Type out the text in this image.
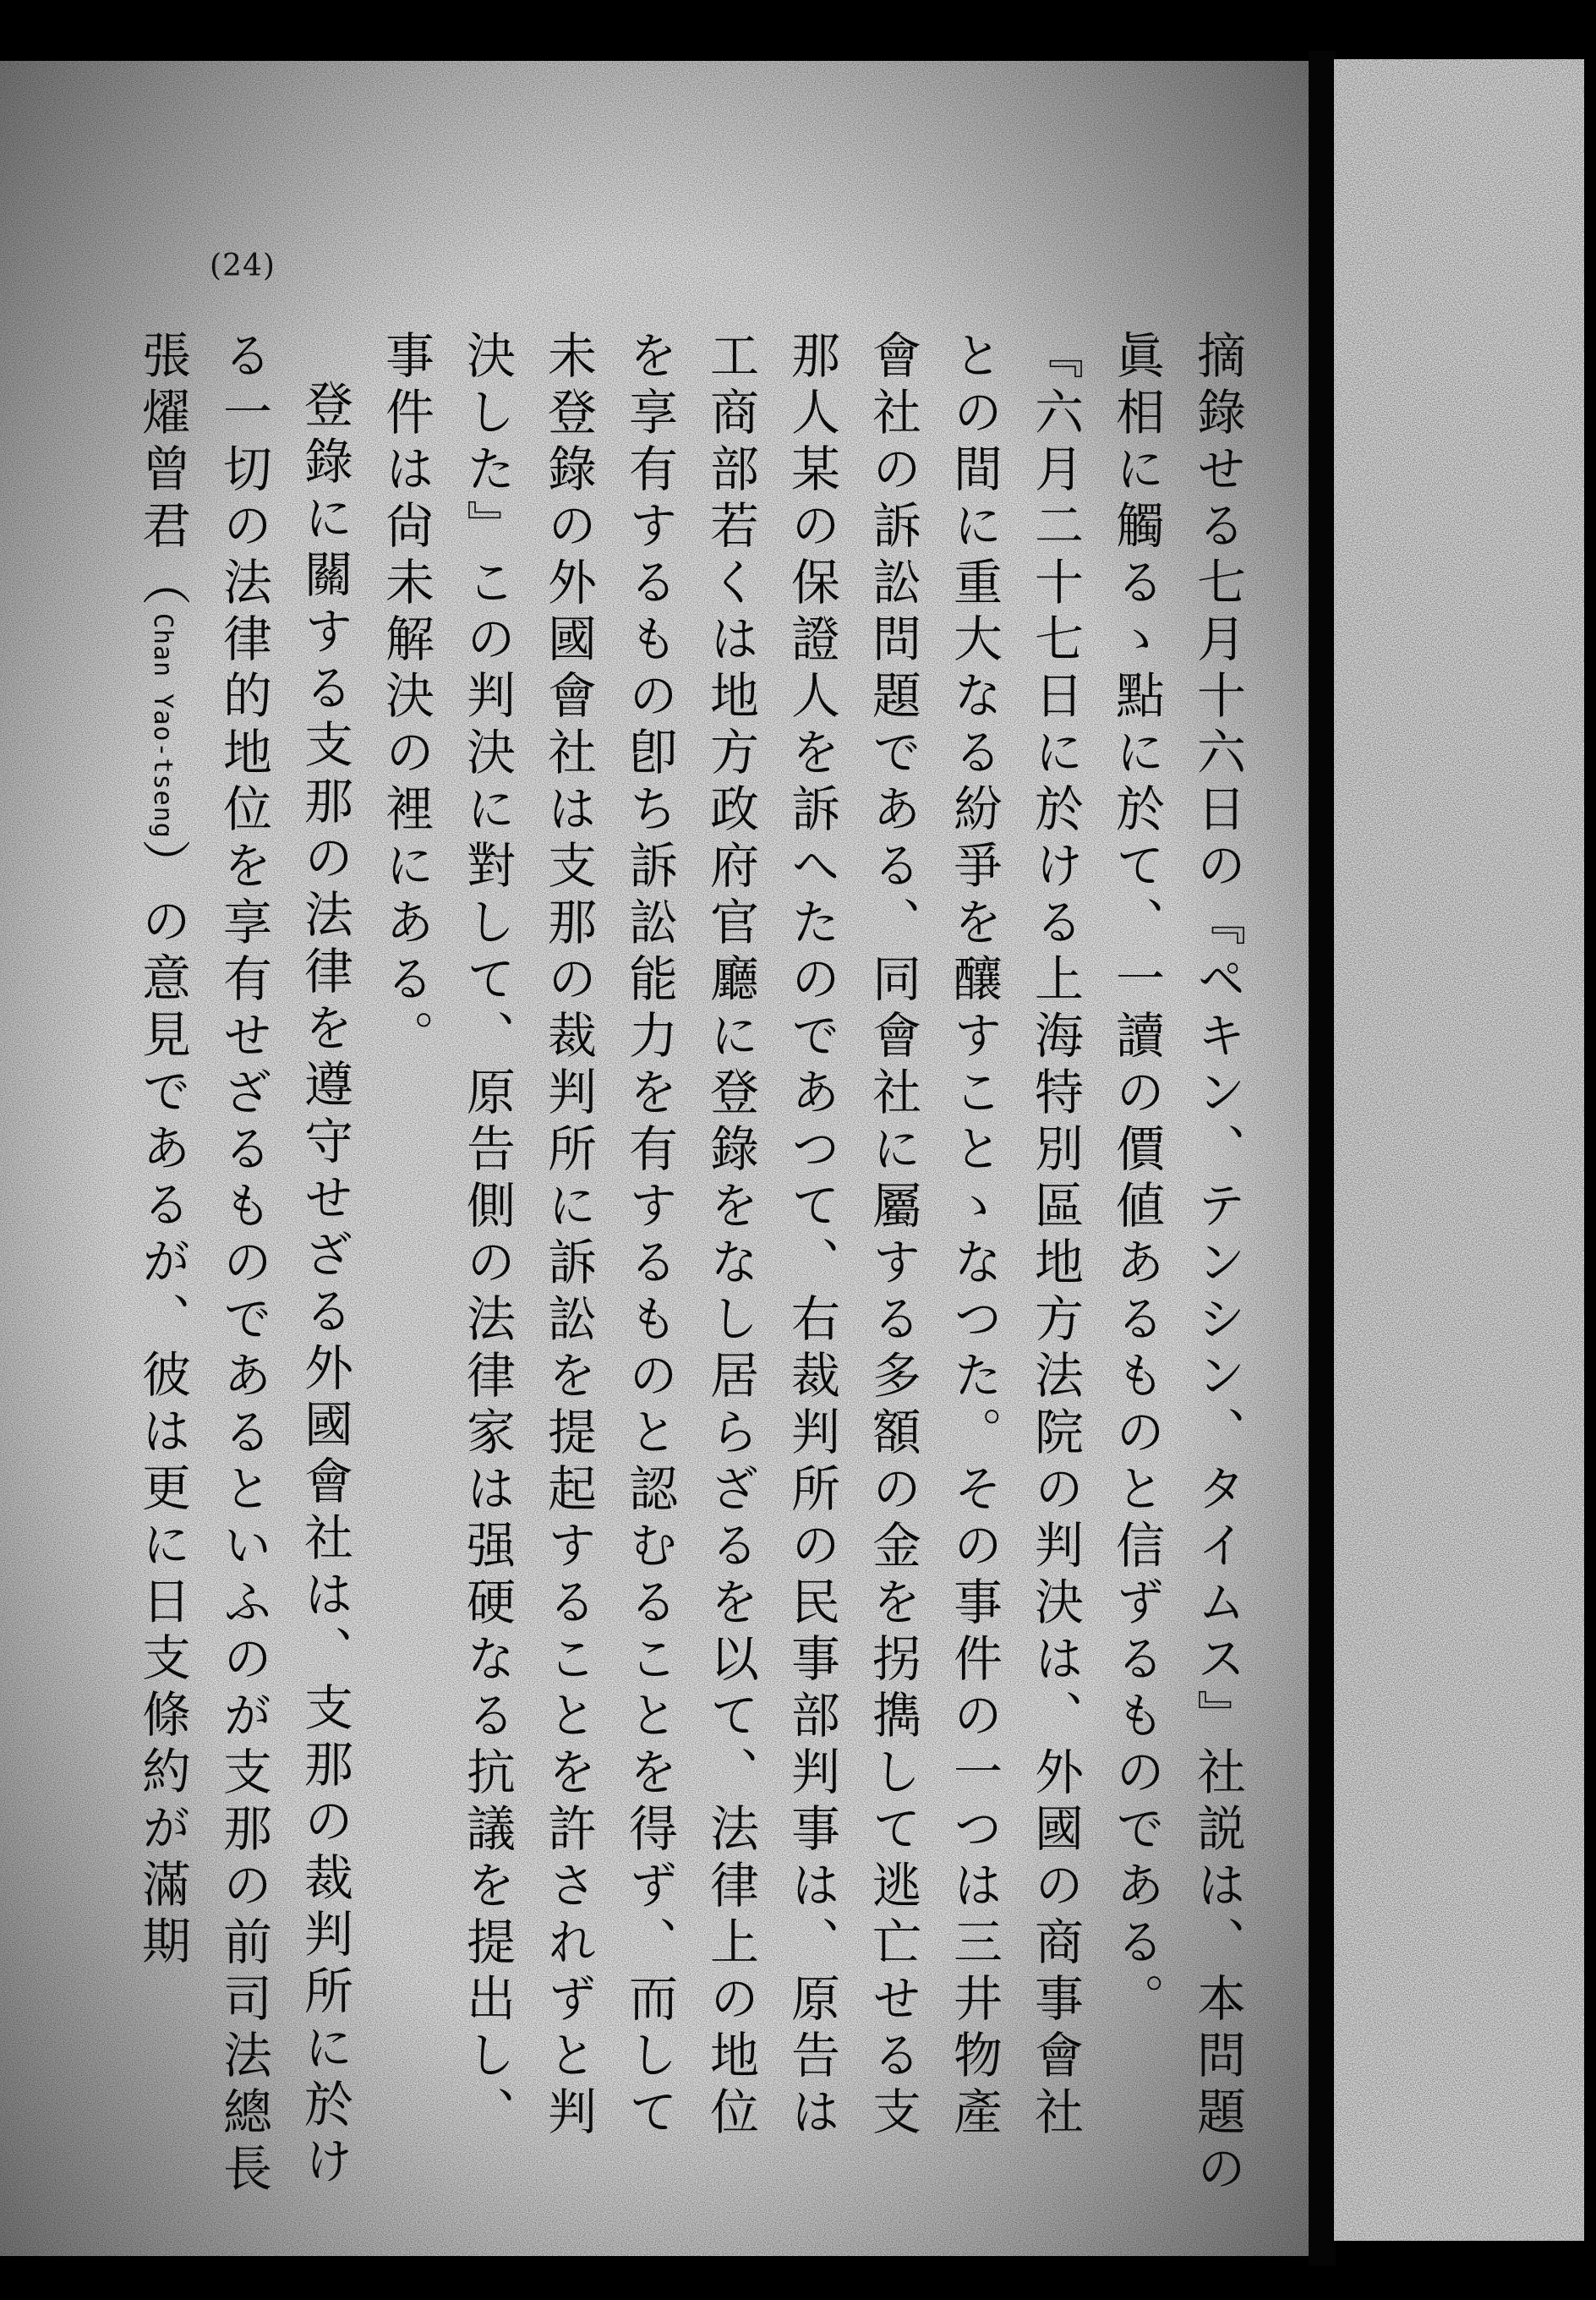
(24)
摘錄せる七月十六日の『ペキン、テンシン、タイムス』社説は、本問題の
眞相に觸るゝ點に於て、一讀の價値あるものと信ずるものである。
『六月二十七日に於ける上海特別區地方法院の判決は、外國の商事會社
との間に重大なる紛爭を釀すことゝなつた。その事件の一つは三井物產
會社の訴訟問題である、同會社に屬する多額の金を拐擕して逃亡せる支
那人某の保證人を訴へたのであつて、右裁判所の民事部判事は、原告は
工商部若くは地方政府官廳に登錄をなし居らざるを以て、法律上の地位
を享有するもの卽ち訴訟能力を有するものと認むることを得ず、而して
未登錄の外國會社は支那の裁判所に訴訟を提起することを許されずと判
決した』この判決に對して、原告側の法律家は强硬なる抗議を提出し、
事件は尙未解決の裡にある。
登錄に關する支那の法律を遵守せざる外國會社は、支那の裁判所に於け
る一切の法律的地位を享有せざるものであるといふのが支那の前司法總長
張燿曾君（Chan Yao-tseng）の意見であるが、彼は更に日支條約が滿期
